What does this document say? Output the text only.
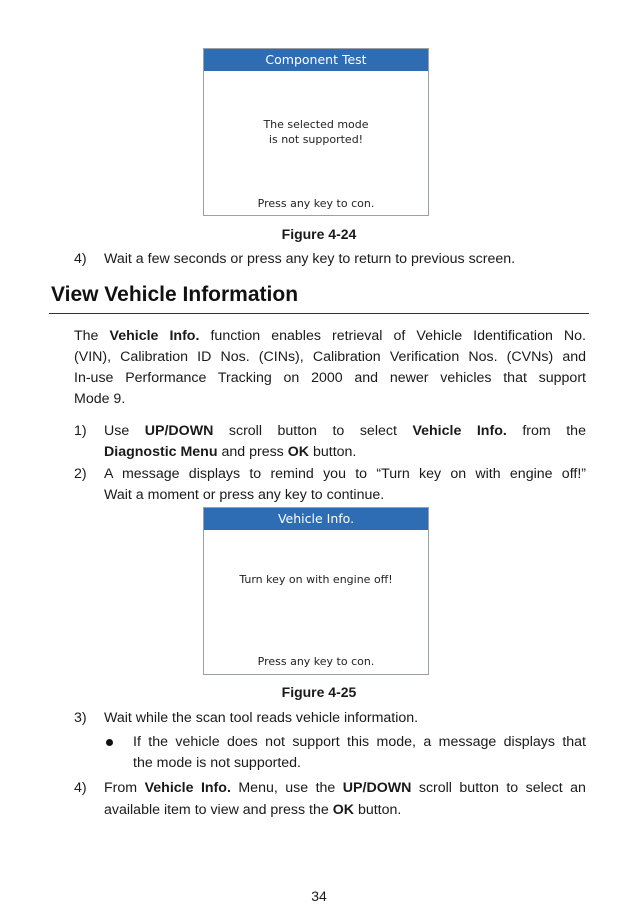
Component Test
The selected mode
is not supported!
Press any key to con.
Figure 4-24
4) Wait a few seconds or press any key to return to previous screen.
View Vehicle Information
The Vehicle Info. function enables retrieval of Vehicle Identification No.
(VIN), Calibration ID Nos. (CINs), Calibration Verification Nos. (CVNs) and
In-use Performance Tracking on 2000 and newer vehicles that support
Mode 9.
1) Use UP/DOWN scroll button to select Vehicle Info. from the
Diagnostic Menu and press OK button.
2) A message displays to remind you to “Turn key on with engine off!”
Wait a moment or press any key to continue.
Vehicle Info.
Turn key on with engine off!
Press any key to con.
Figure 4-25
3) Wait while the scan tool reads vehicle information.
If the vehicle does not support this mode, a message displays that
the mode is not supported.
4) From Vehicle Info. Menu, use the UP/DOWN scroll button to select an
available item to view and press the OK button.
34
